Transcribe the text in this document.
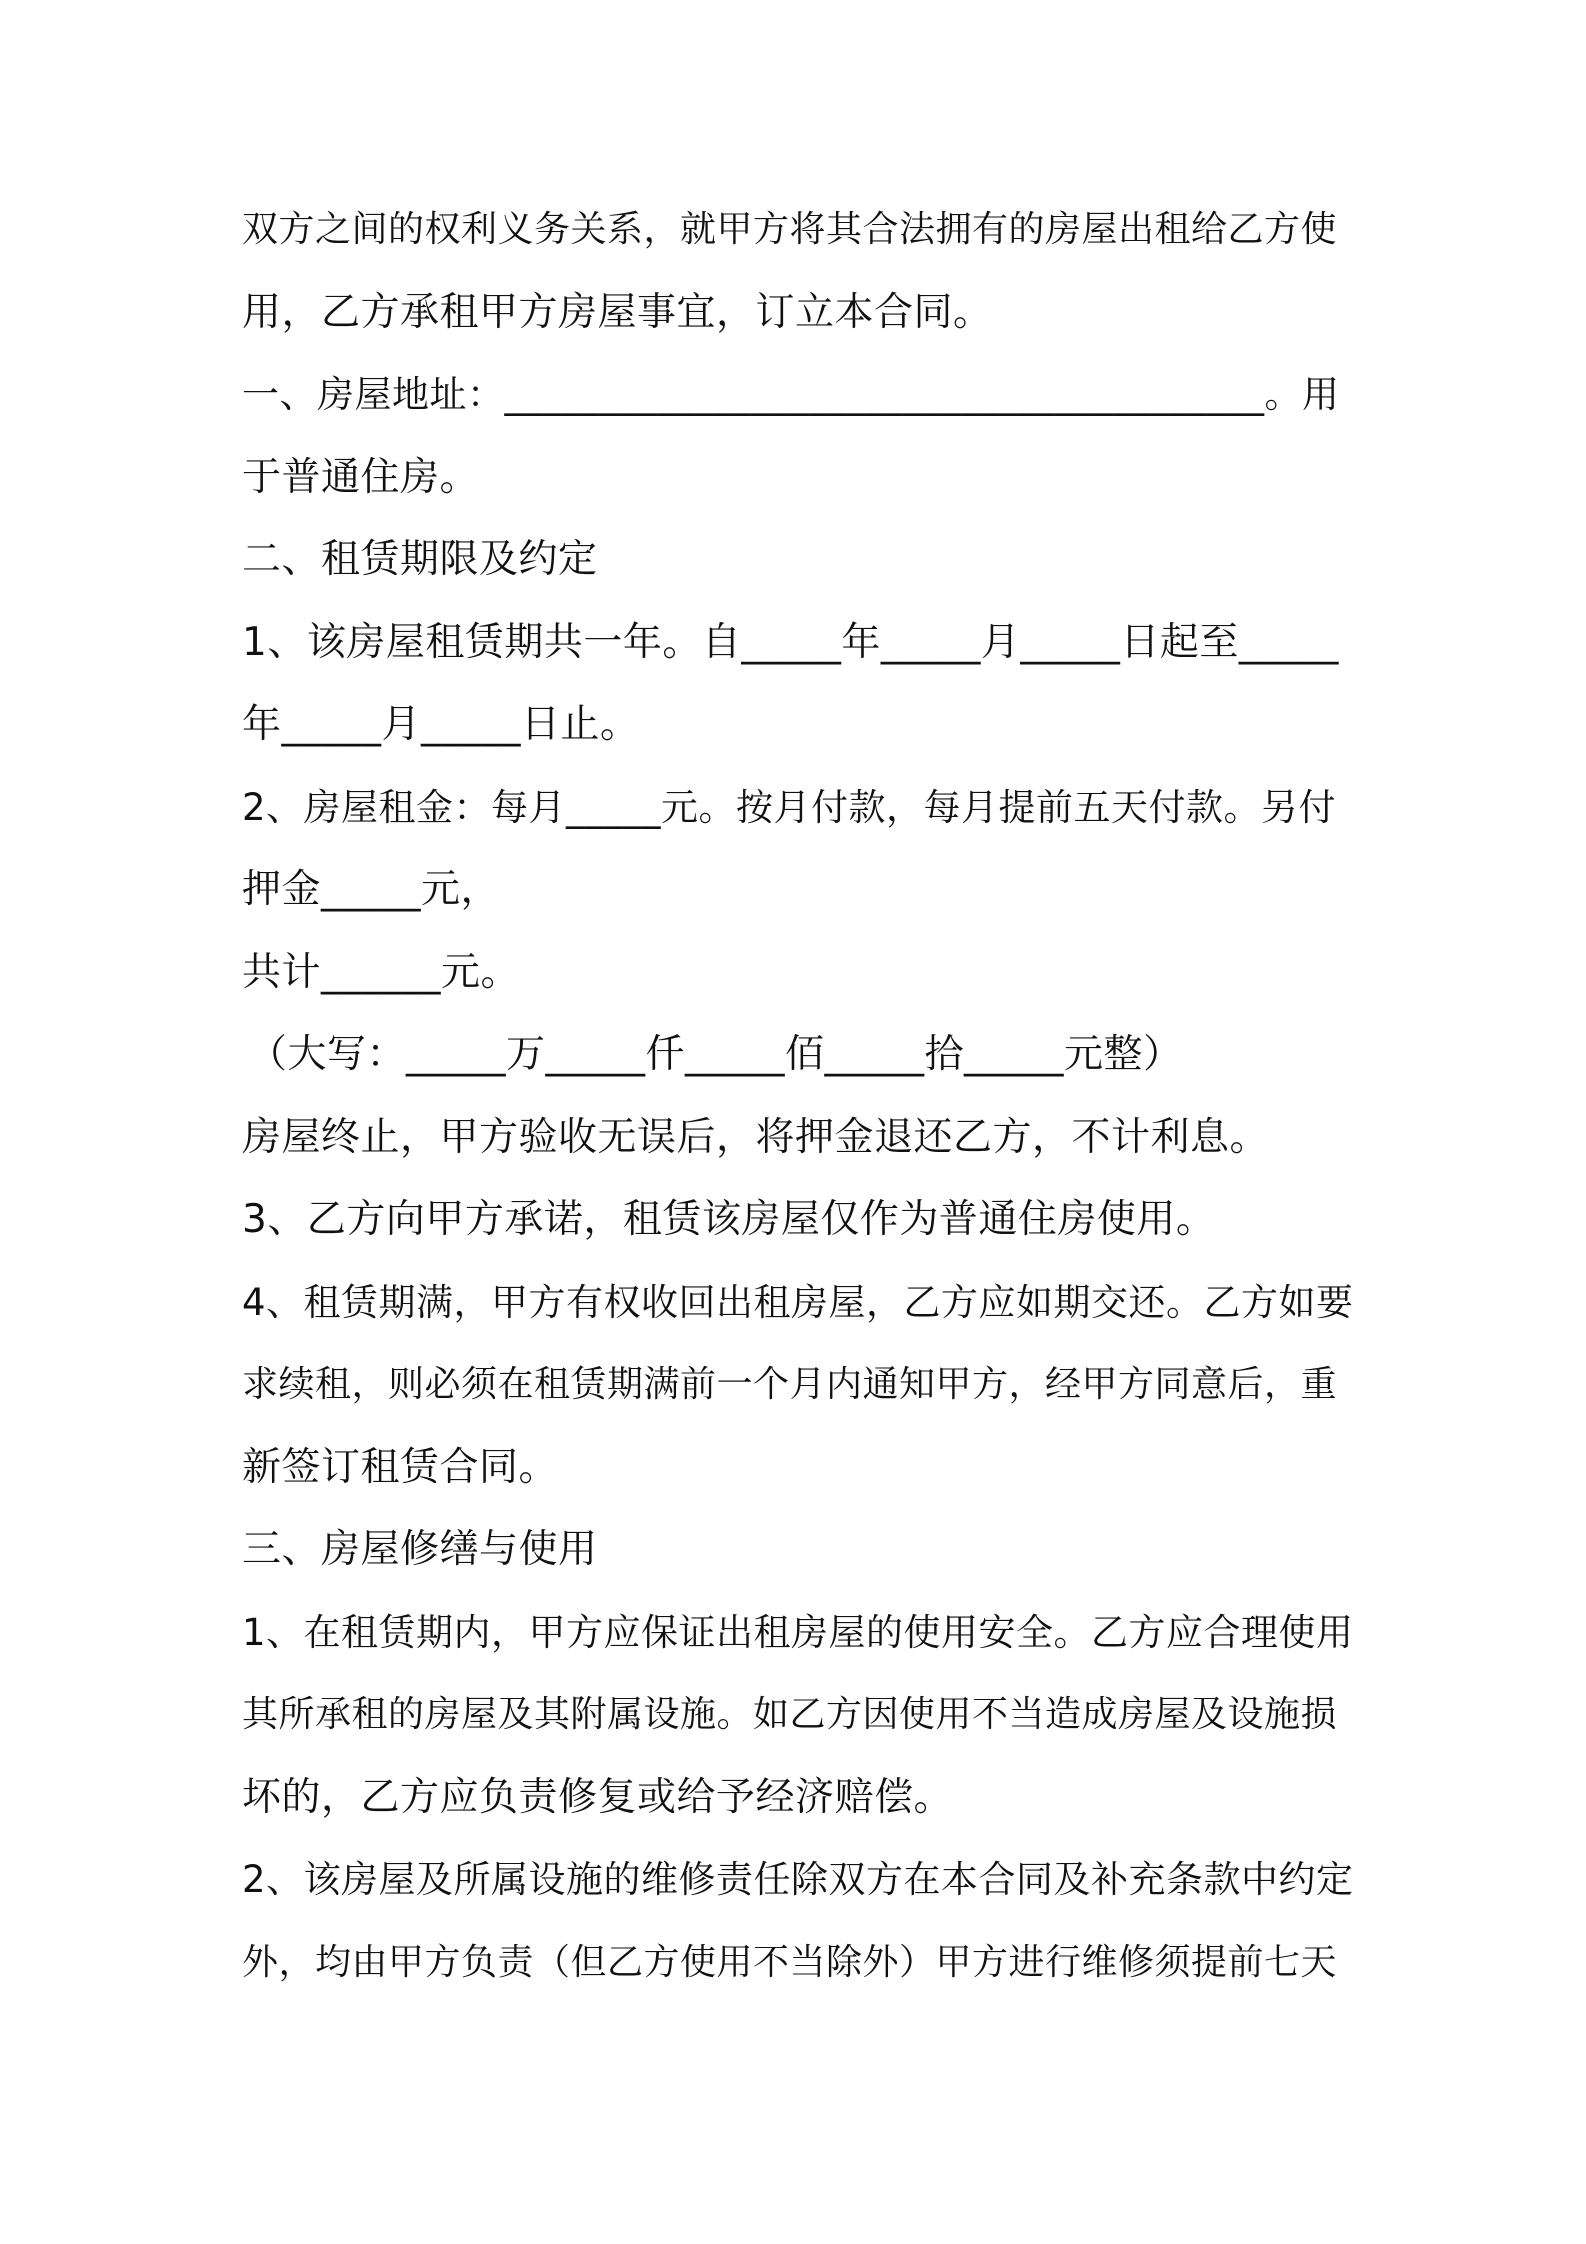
双方之间的权利义务关系，就甲方将其合法拥有的房屋出租给乙方使
用，乙方承租甲方房屋事宜，订立本合同。
一、房屋地址：________________________________________。用
于普通住房。
二、租赁期限及约定
1、该房屋租赁期共一年。自_____年_____月_____日起至_____
年_____月_____日止。
2、房屋租金：每月_____元。按月付款，每月提前五天付款。另付
押金_____元，
共计______元。
（大写：_____万_____仟_____佰_____拾_____元整）
房屋终止，甲方验收无误后，将押金退还乙方，不计利息。
3、乙方向甲方承诺，租赁该房屋仅作为普通住房使用。
4、租赁期满，甲方有权收回出租房屋，乙方应如期交还。乙方如要
求续租，则必须在租赁期满前一个月内通知甲方，经甲方同意后，重
新签订租赁合同。
三、房屋修缮与使用
1、在租赁期内，甲方应保证出租房屋的使用安全。乙方应合理使用
其所承租的房屋及其附属设施。如乙方因使用不当造成房屋及设施损
坏的，乙方应负责修复或给予经济赔偿。
2、该房屋及所属设施的维修责任除双方在本合同及补充条款中约定
外，均由甲方负责（但乙方使用不当除外）甲方进行维修须提前七天
